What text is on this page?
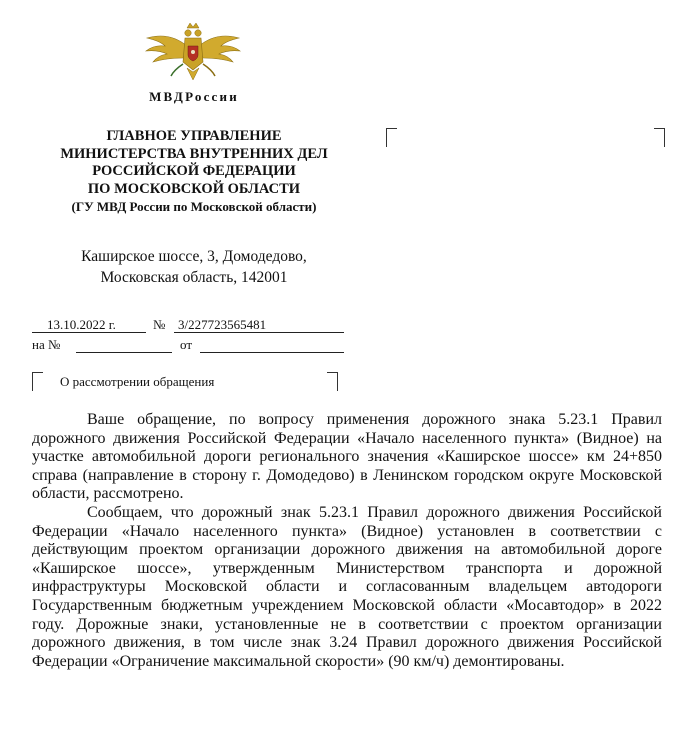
МВДРоссии
ГЛАВНОЕ УПРАВЛЕНИЕ
МИНИСТЕРСТВА ВНУТРЕННИХ ДЕЛ
РОССИЙСКОЙ ФЕДЕРАЦИИ
ПО МОСКОВСКОЙ ОБЛАСТИ
(ГУ МВД России по Московской области)
Каширское шоссе, 3, Домодедово,
Московская область, 142001
13.10.2022 г.	№ 3/227723565481
на №	от
О рассмотрении обращения

Ваше обращение, по вопросу применения дорожного знака 5.23.1 Правил дорожного движения Российской Федерации «Начало населенного пункта» (Видное) на участке автомобильной дороги регионального значения «Каширское шоссе» км 24+850 справа (направление в сторону г. Домодедово) в Ленинском городском округе Московской области, рассмотрено.

Сообщаем, что дорожный знак 5.23.1 Правил дорожного движения Российской Федерации «Начало населенного пункта» (Видное) установлен в соответствии с действующим проектом организации дорожного движения на автомобильной дороге «Каширское шоссе», утвержденным Министерством транспорта и дорожной инфраструктуры Московской области и согласованным владельцем автодороги Государственным бюджетным учреждением Московской области «Мосавтодор» в 2022 году. Дорожные знаки, установленные не в соответствии с проектом организации дорожного движения, в том числе знак 3.24 Правил дорожного движения Российской Федерации «Ограничение максимальной скорости» (90 км/ч) демонтированы.
